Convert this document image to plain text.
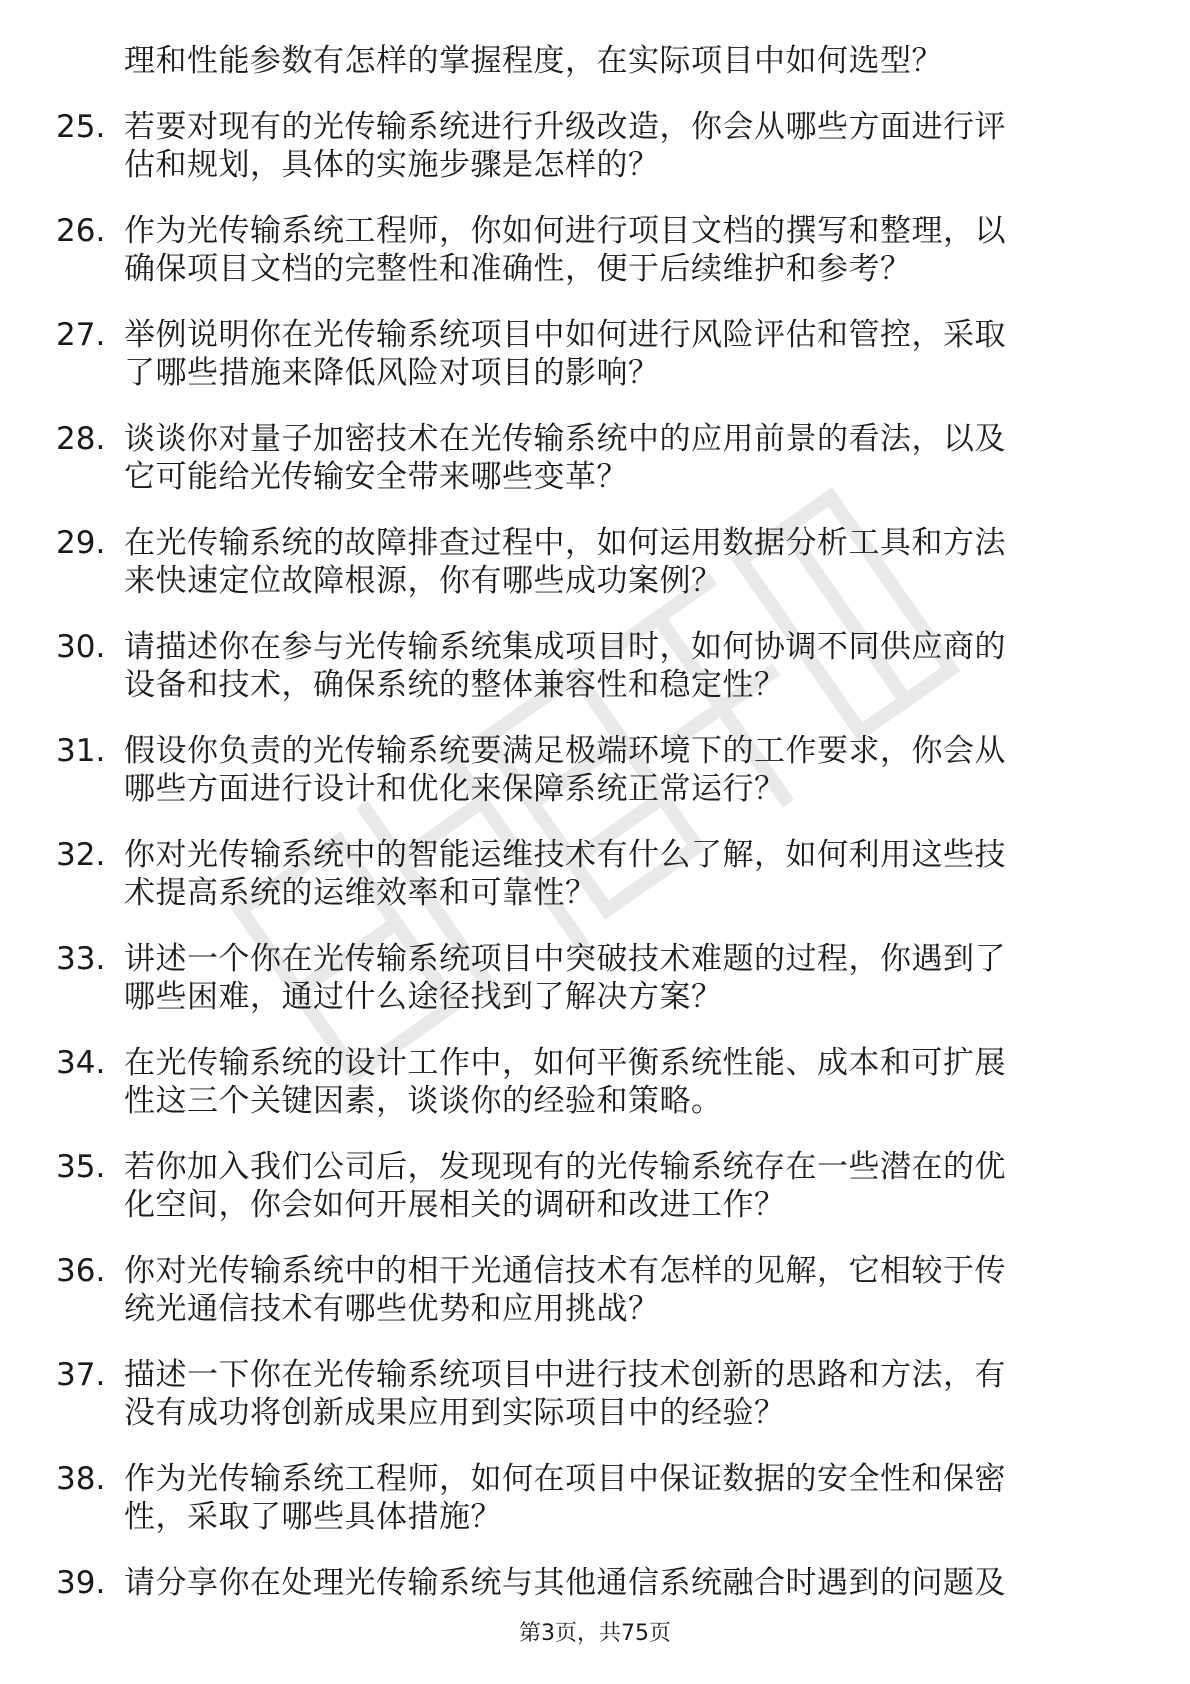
理和性能参数有怎样的掌握程度，在实际项目中如何选型？
25. 若要对现有的光传输系统进行升级改造，你会从哪些方面进行评
估和规划，具体的实施步骤是怎样的？
26. 作为光传输系统工程师，你如何进行项目文档的撰写和整理，以
确保项目文档的完整性和准确性，便于后续维护和参考？
27. 举例说明你在光传输系统项目中如何进行风险评估和管控，采取
了哪些措施来降低风险对项目的影响？
28. 谈谈你对量子加密技术在光传输系统中的应用前景的看法，以及
它可能给光传输安全带来哪些变革？
29. 在光传输系统的故障排查过程中，如何运用数据分析工具和方法
来快速定位故障根源，你有哪些成功案例？
30. 请描述你在参与光传输系统集成项目时，如何协调不同供应商的
设备和技术，确保系统的整体兼容性和稳定性？
31. 假设你负责的光传输系统要满足极端环境下的工作要求，你会从
哪些方面进行设计和优化来保障系统正常运行？
32. 你对光传输系统中的智能运维技术有什么了解，如何利用这些技
术提高系统的运维效率和可靠性？
33. 讲述一个你在光传输系统项目中突破技术难题的过程，你遇到了
哪些困难，通过什么途径找到了解决方案？
34. 在光传输系统的设计工作中，如何平衡系统性能、成本和可扩展
性这三个关键因素，谈谈你的经验和策略。
35. 若你加入我们公司后，发现现有的光传输系统存在一些潜在的优
化空间，你会如何开展相关的调研和改进工作？
36. 你对光传输系统中的相干光通信技术有怎样的见解，它相较于传
统光通信技术有哪些优势和应用挑战？
37. 描述一下你在光传输系统项目中进行技术创新的思路和方法，有
没有成功将创新成果应用到实际项目中的经验？
38. 作为光传输系统工程师，如何在项目中保证数据的安全性和保密
性，采取了哪些具体措施？
39. 请分享你在处理光传输系统与其他通信系统融合时遇到的问题及
第3页，共75页
